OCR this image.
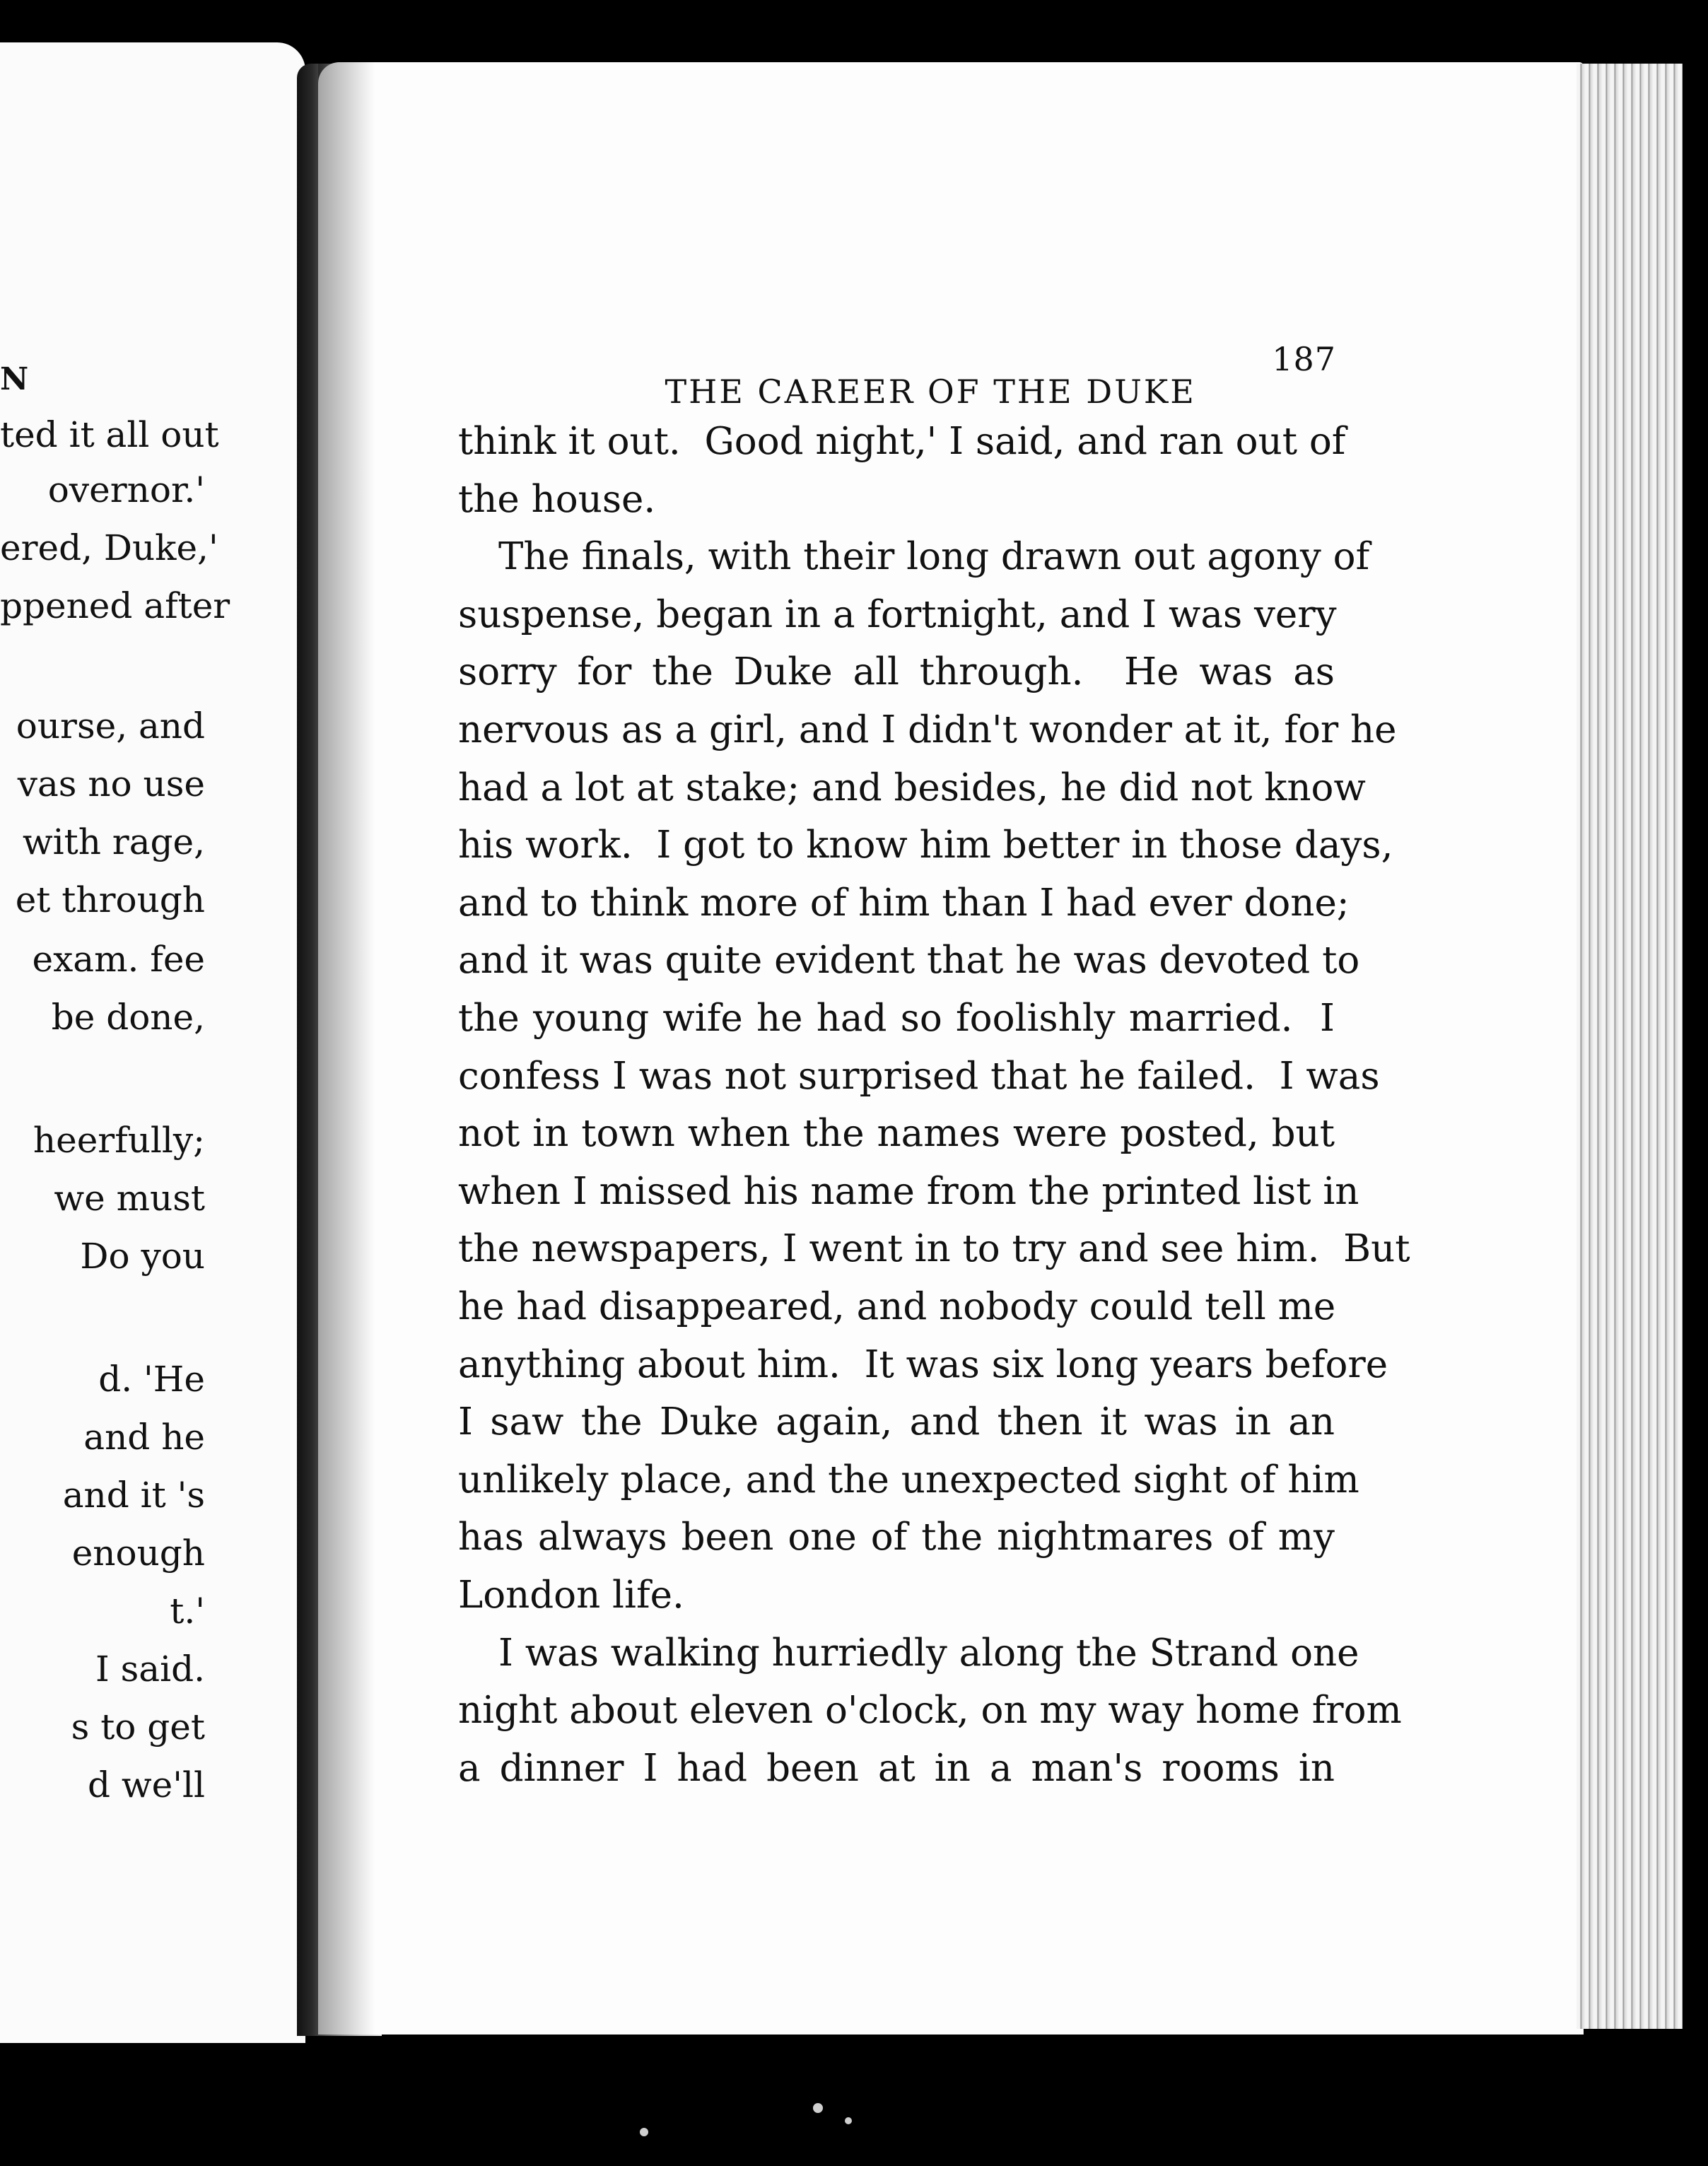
N	THE CAREER OF THE DUKE

187

ted it all out
overnor.'
ered, Duke,'
ppened after
ourse, and
vas no use
with rage,
et through
exam. fee
be done,
heerfully;
we must
Do you
d. 'He
and he
and it 's
enough
t.'
I said.
s to get
d we'll
think it out.  Good night,' I said, and ran out of
the house.
The finals, with their long drawn out agony of
suspense, began in a fortnight, and I was very
sorry for the Duke all through.  He was as
nervous as a girl, and I didn't wonder at it, for he
had a lot at stake; and besides, he did not know
his work.  I got to know him better in those days,
and to think more of him than I had ever done;
and it was quite evident that he was devoted to
the young wife he had so foolishly married.  I
confess I was not surprised that he failed.  I was
not in town when the names were posted, but
when I missed his name from the printed list in
the newspapers, I went in to try and see him.  But
he had disappeared, and nobody could tell me
anything about him.  It was six long years before
I saw the Duke again, and then it was in an
unlikely place, and the unexpected sight of him
has always been one of the nightmares of my
London life.
I was walking hurriedly along the Strand one
night about eleven o'clock, on my way home from
a dinner I had been at in a man's rooms in
